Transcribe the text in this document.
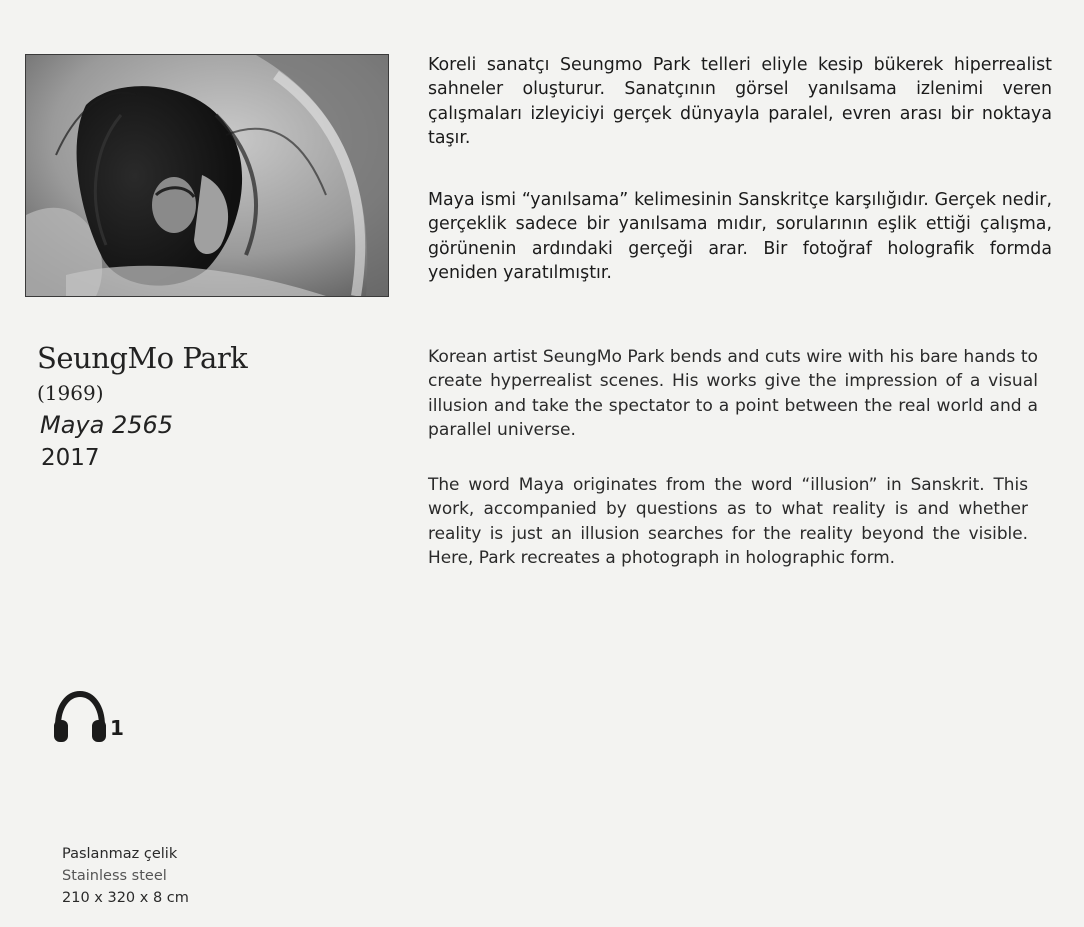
SeungMo Park
(1969)
Maya 2565
2017

Koreli sanatçı Seungmo Park telleri eliyle kesip bükerek hiperrealist sahneler oluşturur. Sanatçının görsel yanılsama izlenimi veren çalışmaları izleyiciyi gerçek dünyayla paralel, evren arası bir noktaya taşır.

Maya ismi “yanılsama” kelimesinin Sanskritçe karşılığıdır. Gerçek nedir, gerçeklik sadece bir yanılsama mıdır, sorularının eşlik ettiği çalışma, görünenin ardındaki gerçeği arar. Bir fotoğraf holografik formda yeniden yaratılmıştır.

Korean artist SeungMo Park bends and cuts wire with his bare hands to create hyperrealist scenes. His works give the impression of a visual illusion and take the spectator to a point between the real world and a parallel universe.

The word Maya originates from the word “illusion” in Sanskrit. This work, accompanied by questions as to what reality is and whether reality is just an illusion searches for the reality beyond the visible. Here, Park recreates a photograph in holographic form.

1
Paslanmaz çelik
Stainless steel
210 x 320 x 8 cm
